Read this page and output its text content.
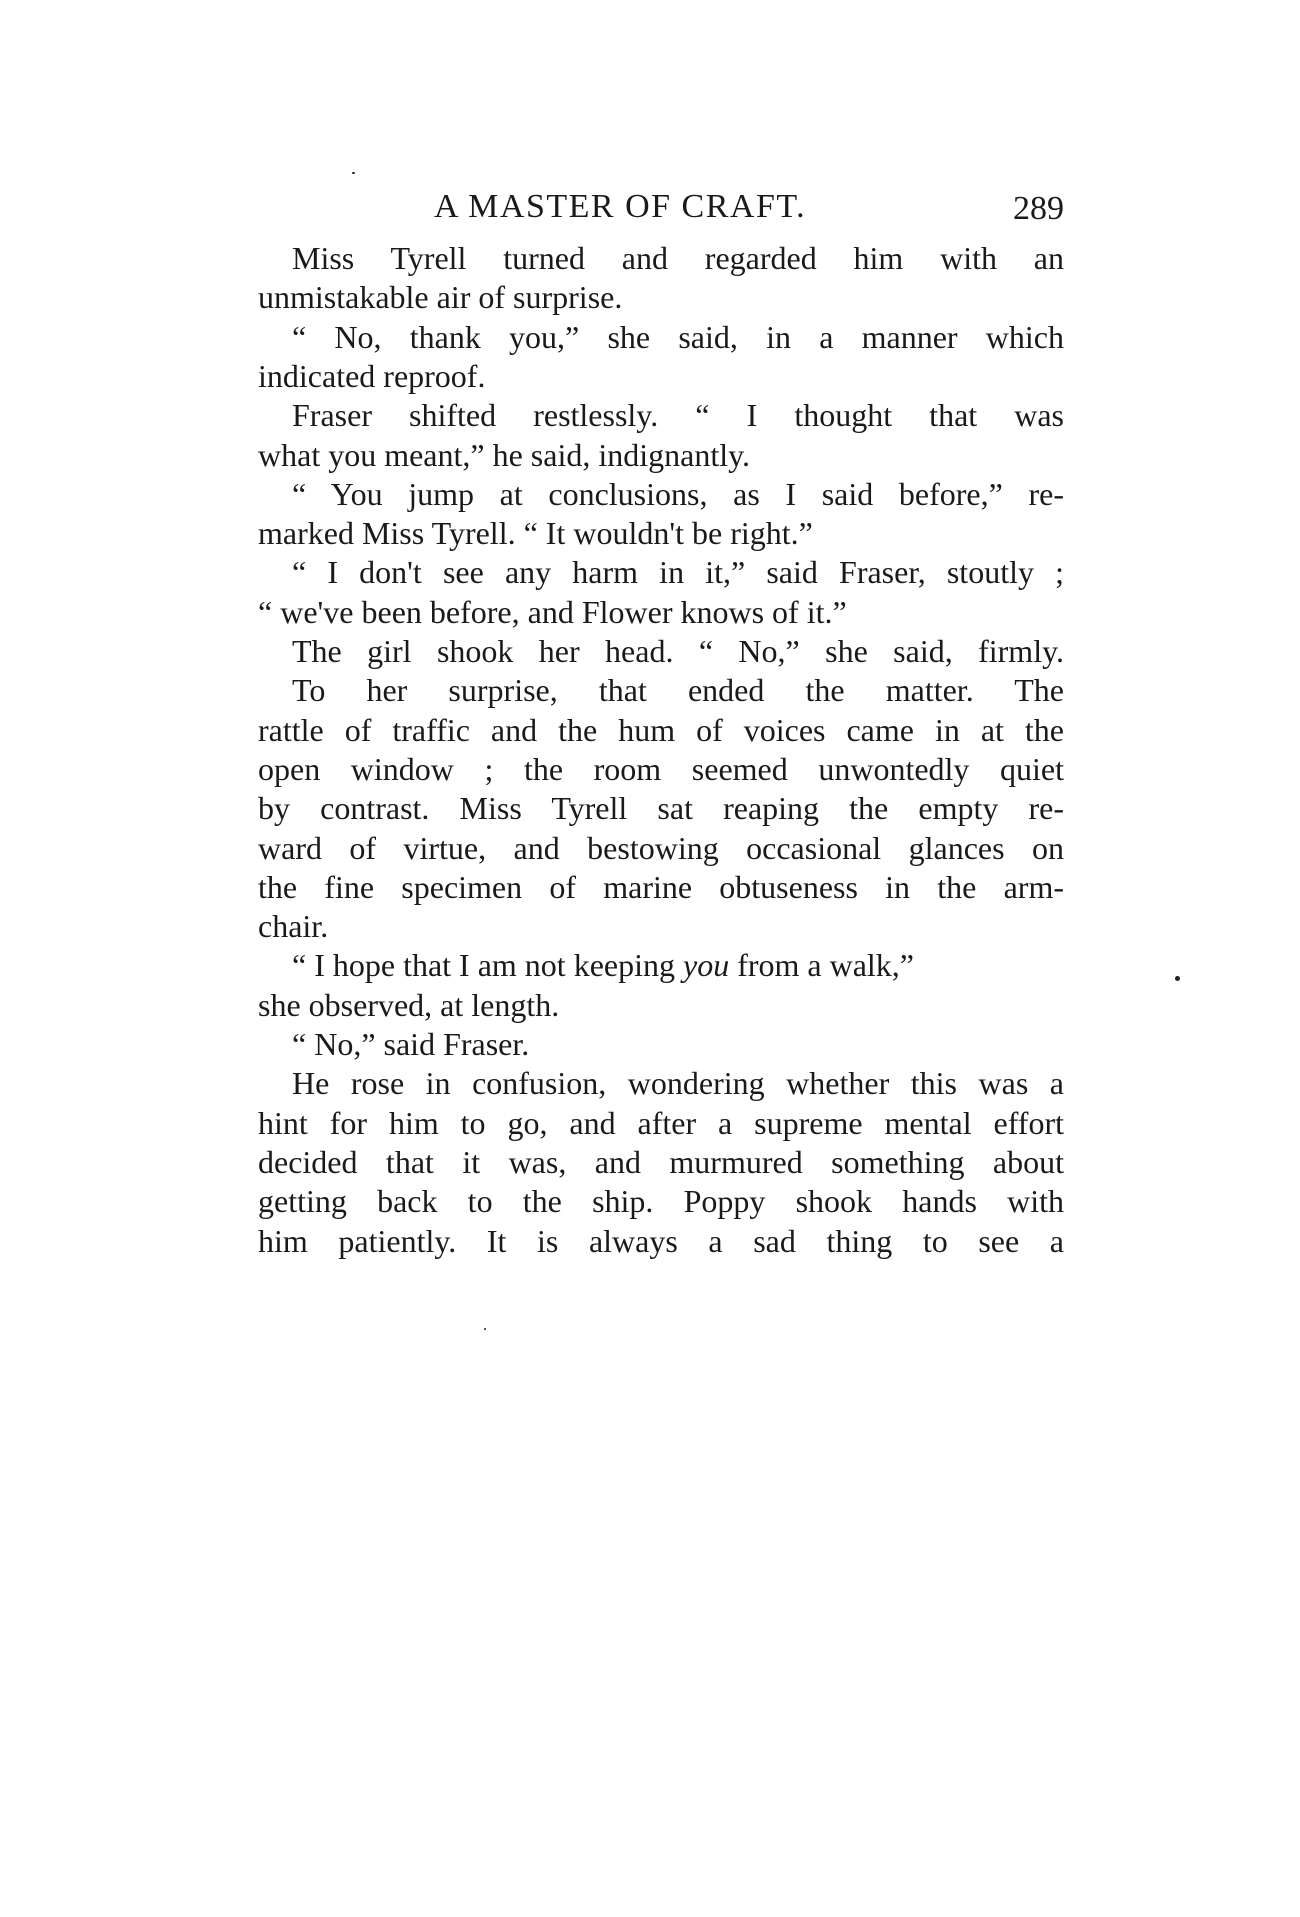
A MASTER OF CRAFT.	289
Miss Tyrell turned and regarded him with an
unmistakable air of surprise.
“ No, thank you,” she said, in a manner which
indicated reproof.
Fraser shifted restlessly. “ I thought that was
what you meant,” he said, indignantly.
“ You jump at conclusions, as I said before,” re-
marked Miss Tyrell. “ It wouldn't be right.”
“ I don't see any harm in it,” said Fraser, stoutly ;
“ we've been before, and Flower knows of it.”
The girl shook her head. “ No,” she said, firmly.
To her surprise, that ended the matter. The
rattle of traffic and the hum of voices came in at the
open window ; the room seemed unwontedly quiet
by contrast. Miss Tyrell sat reaping the empty re-
ward of virtue, and bestowing occasional glances on
the fine specimen of marine obtuseness in the arm-
chair.
“ I hope that I am not keeping you from a walk,”
she observed, at length.
“ No,” said Fraser.
He rose in confusion, wondering whether this was a
hint for him to go, and after a supreme mental effort
decided that it was, and murmured something about
getting back to the ship. Poppy shook hands with
him patiently. It is always a sad thing to see a
